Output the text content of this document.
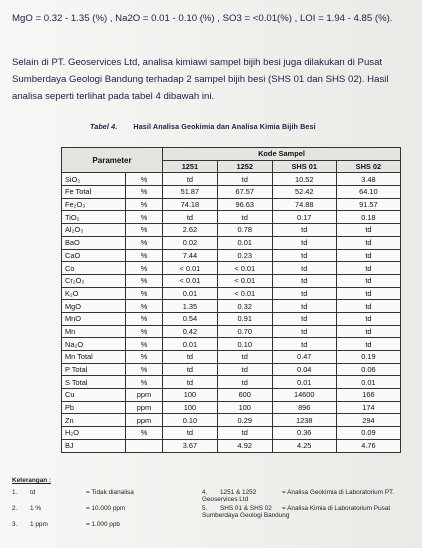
MgO = 0.32 - 1.35 (%) , Na2O = 0.01 - 0.10 (%) , SO3 = <0.01(%) , LOI = 1.94 - 4.85 (%).
Selain di PT. Geoservices Ltd, analisa kimiawi sampel bijih besi juga dilakukan di Pusat Sumberdaya Geologi Bandung terhadap 2 sampel bijih besi (SHS 01 dan SHS 02). Hasil analisa seperti terlihat pada tabel 4 dibawah ini.
Tabel 4. Hasil Analisa Geokimia dan Analisa Kimia Bijih Besi
Parameter		Kode Sampel			
		1251	1252	SHS 01	SHS 02
SiO₂	%	td	td	10.52	3.48
Fe Total	%	51.87	67.57	52.42	64.10
Fe₂O₃	%	74.18	96.63	74.88	91.57
TiO₂	%	td	td	0.17	0.18
Al₂O₃	%	2.62	0.78	td	td
BaO	%	0.02	0.01	td	td
CaO	%	7.44	0.23	td	td
Co	%	< 0.01	< 0.01	td	td
Cr₂O₃	%	< 0.01	< 0.01	td	td
K₂O	%	0.01	< 0.01	td	td
MgO	%	1.35	0.32	td	td
MnO	%	0.54	0.91	td	td
Mn	%	0.42	0.70	td	td
Na₂O	%	0.01	0.10	td	td
Mn Total	%	td	td	0.47	0.19
P Total	%	td	td	0.04	0.06
S Total	%	td	td	0.01	0.01
Cu	ppm	100	600	14600	166
Pb	ppm	100	100	896	174
Zn	ppm	0.10	0.29	1238	294
H₂O	%	td	td	0.36	0.09
BJ		3.67	4.92	4.25	4.76
Keterangan :
1. td	= Tidak dianalisa
2. 1 %	= 10.000 ppm
3. 1 ppm	= 1.000 ppb
4. 1251 & 1252	= Analisa Geokimia di Laboratorium PT. Geoservices Ltd
5. SHS 01 & SHS 02 = Analisa Kimia di Laboratorium Pusat Sumberdaya Geologi Bandung
